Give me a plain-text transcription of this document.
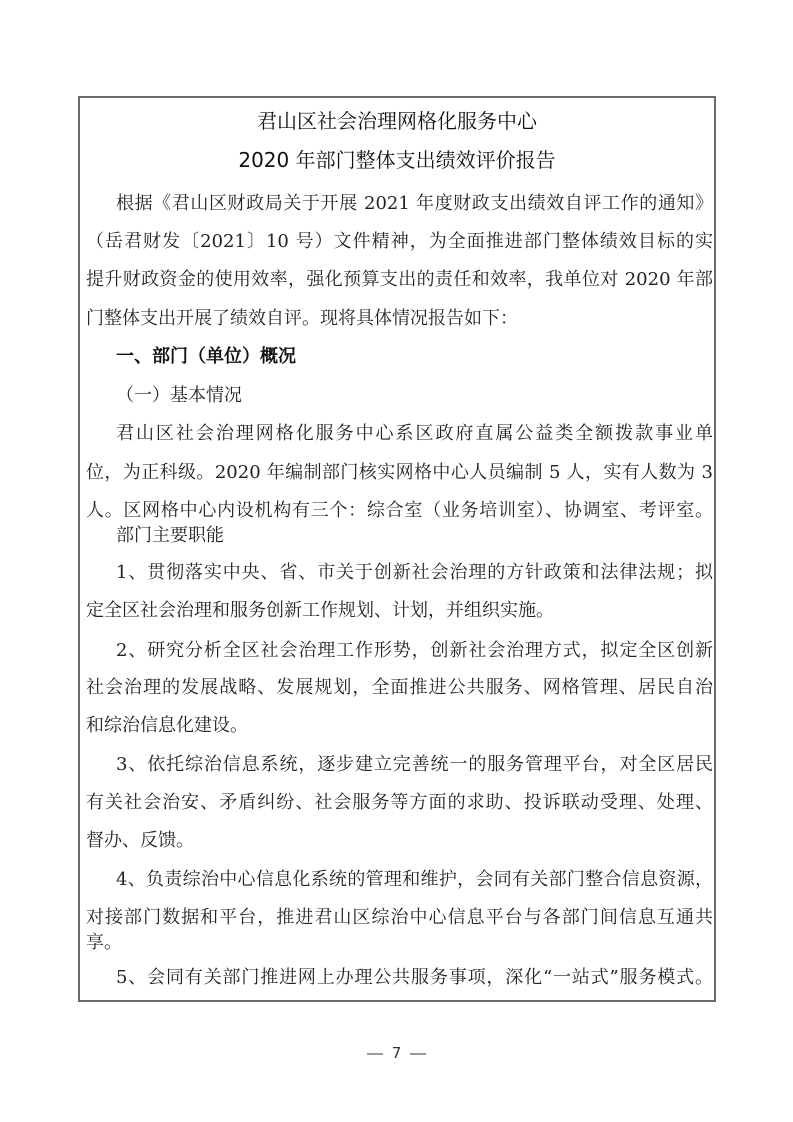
君山区社会治理网格化服务中心
2020 年部门整体支出绩效评价报告
根据《君山区财政局关于开展 2021 年度财政支出绩效自评工作的通知》
（岳君财发〔2021〕10 号）文件精神，为全面推进部门整体绩效目标的实
提升财政资金的使用效率，强化预算支出的责任和效率，我单位对 2020 年部
门整体支出开展了绩效自评。现将具体情况报告如下：
一、部门（单位）概况
（一）基本情况
君山区社会治理网格化服务中心系区政府直属公益类全额拨款事业单
位，为正科级。2020 年编制部门核实网格中心人员编制 5 人，实有人数为 3
人。区网格中心内设机构有三个：综合室（业务培训室）、协调室、考评室。
部门主要职能
1、贯彻落实中央、省、市关于创新社会治理的方针政策和法律法规；拟
定全区社会治理和服务创新工作规划、计划，并组织实施。
2、研究分析全区社会治理工作形势，创新社会治理方式，拟定全区创新
社会治理的发展战略、发展规划，全面推进公共服务、网格管理、居民自治
和综治信息化建设。
3、依托综治信息系统，逐步建立完善统一的服务管理平台，对全区居民
有关社会治安、矛盾纠纷、社会服务等方面的求助、投诉联动受理、处理、
督办、反馈。
4、负责综治中心信息化系统的管理和维护，会同有关部门整合信息资源，
对接部门数据和平台，推进君山区综治中心信息平台与各部门间信息互通共
享。
5、会同有关部门推进网上办理公共服务事项，深化“一站式”服务模式。
7
